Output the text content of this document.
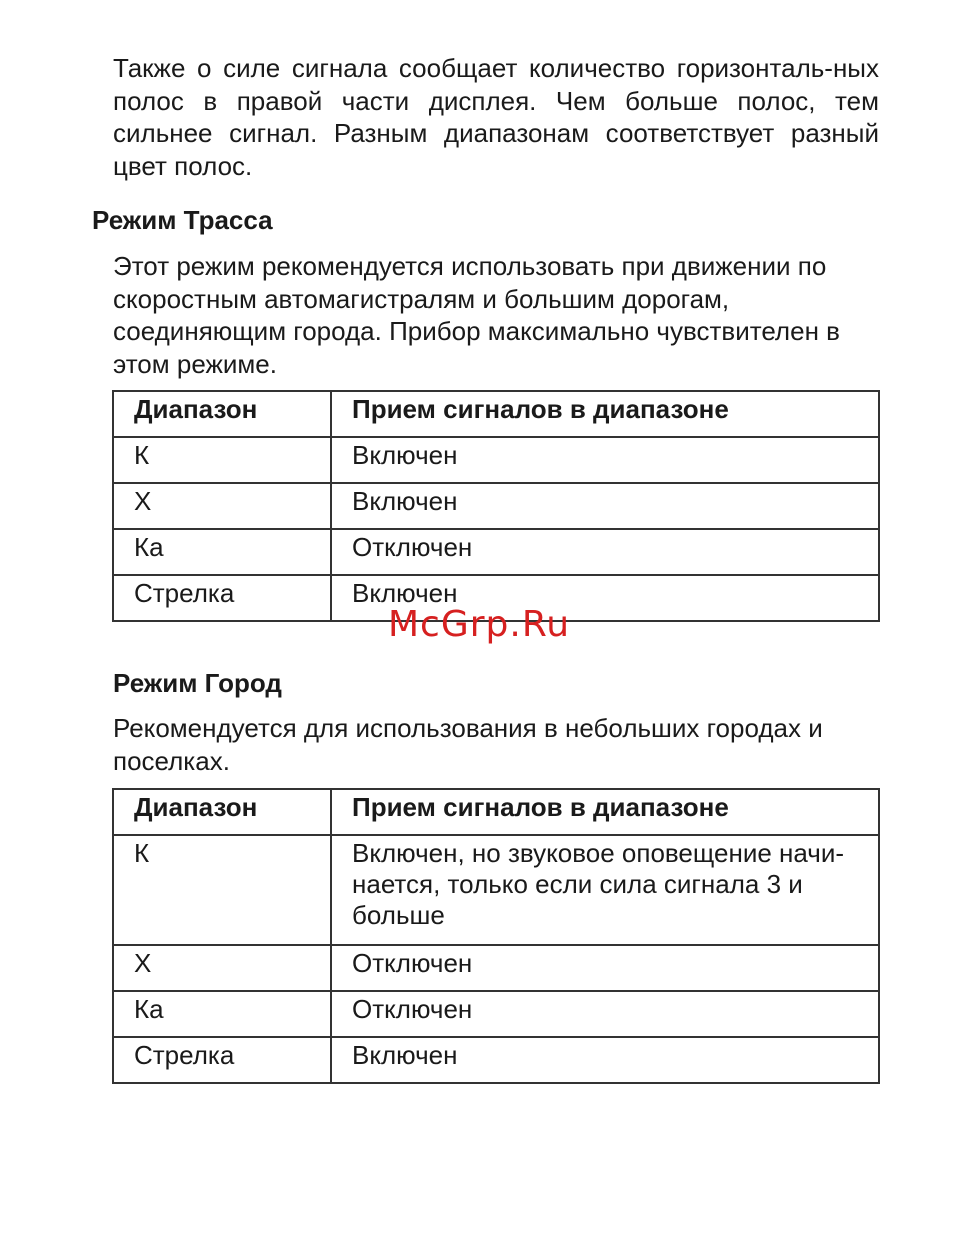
Также о силе сигнала сообщает количество горизонталь-ных полос в правой части дисплея. Чем больше полос, тем сильнее сигнал. Разным диапазонам соответствует разный цвет полос.

Режим Трасса

Этот режим рекомендуется использовать при движении по скоростным автомагистралям и большим дорогам, соединяющим города. Прибор максимально чувствителен в этом режиме.

Диапазон	Прием сигналов в диапазоне
К	Включен
Х	Включен
Ка	Отключен
Стрелка	Включен
McGrp.Ru
Режим Город

Рекомендуется для использования в небольших городах и поселках.

Диапазон	Прием сигналов в диапазоне
К	Включен, но звуковое оповещение начи-нается, только если сила сигнала 3 и больше
Х	Отключен
Ка	Отключен
Стрелка	Включен
